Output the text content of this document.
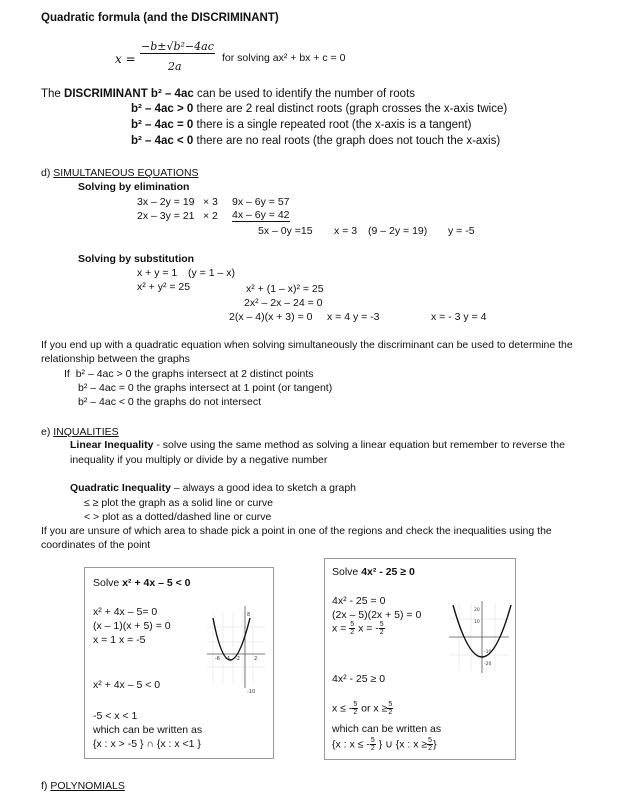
Quadratic formula (and the DISCRIMINANT)
x =
−b±√b²−4ac
2a
for solving ax² + bx + c = 0
The DISCRIMINANT b² – 4ac can be used to identify the number of roots
b² – 4ac > 0 there are 2 real distinct roots (graph crosses the x-axis twice)
b² – 4ac = 0 there is a single repeated root (the x-axis is a tangent)
b² – 4ac < 0 there are no real roots (the graph does not touch the x-axis)
d) SIMULTANEOUS EQUATIONS
Solving by elimination
3x – 2y = 19 × 3 9x – 6y = 57
2x – 3y = 21 × 2 4x – 6y = 42
5x – 0y =15 x = 3 (9 – 2y = 19) y = -5
Solving by substitution
x + y = 1 (y = 1 – x)
x² + y² = 25	x² + (1 – x)² = 25
2x² – 2x – 24 = 0
2(x – 4)(x + 3) = 0 x = 4 y = -3	x = - 3 y = 4
If you end up with a quadratic equation when solving simultaneously the discriminant can be used to determine the
relationship between the graphs
If b² – 4ac > 0 the graphs intersect at 2 distinct points
b² – 4ac = 0 the graphs intersect at 1 point (or tangent)
b² – 4ac < 0 the graphs do not intersect
e) INQUALITIES
Linear Inequality - solve using the same method as solving a linear equation but remember to reverse the
inequality if you multiply or divide by a negative number
Quadratic Inequality – always a good idea to sketch a graph
≤ ≥ plot the graph as a solid line or curve
< > plot as a dotted/dashed line or curve
If you are unsure of which area to shade pick a point in one of the regions and check the inequalities using the
coordinates of the point
Solve x² + 4x – 5 < 0
x² + 4x – 5= 0
(x – 1)(x + 5) = 0
x = 1 x = -5
x² + 4x – 5 < 0
-5 < x < 1
which can be written as
{x : x > -5 } ∩ {x : x <1 }
8
-10
-6 -4 -2	2
Solve 4x² - 25 ≥ 0
4x² - 25 = 0
(2x – 5)(2x + 5) = 0
$x = \frac{5}{2}$ x = - $\frac{5}{2}$
4x² - 25 ≥ 0
x ≤ - $\frac{5}{2}$ or $x \ge \frac{5}{2}$
which can be written as
{x : x ≤ - $\frac{5}{2}$ } ∪ {x : $x \ge \frac{5}{2}$ }
20
10
-10
-20
f) POLYNOMIALS
